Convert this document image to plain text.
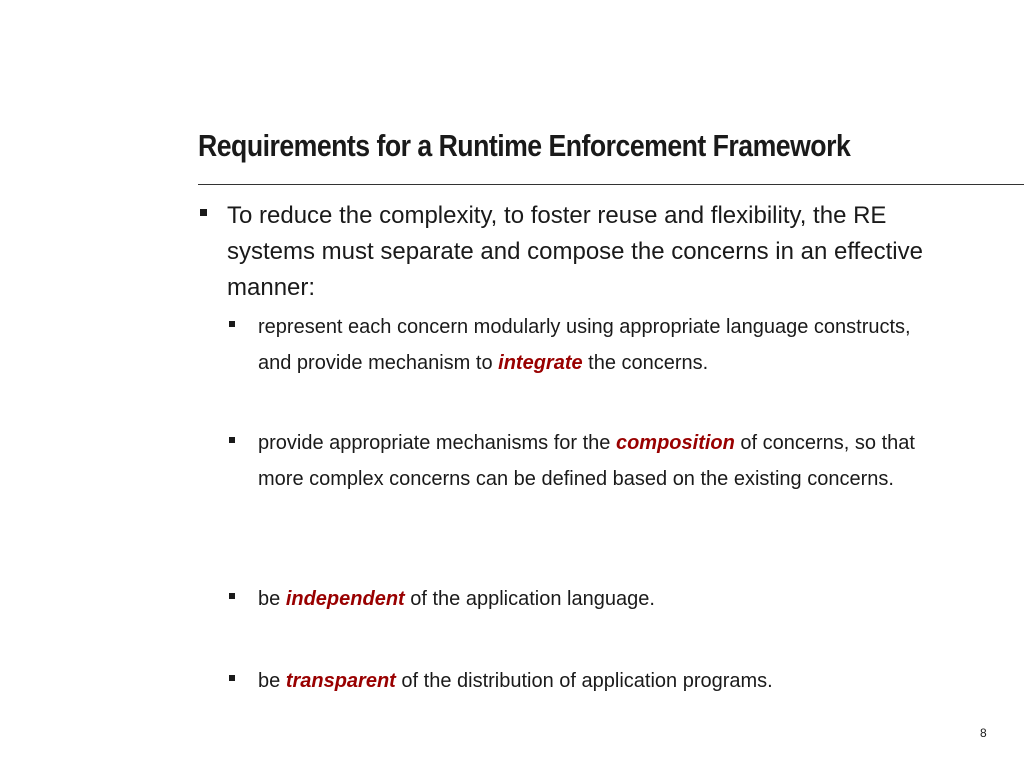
Requirements for a Runtime Enforcement Framework
To reduce the complexity, to foster reuse and flexibility, the RE systems must separate and compose the concerns in an effective manner:
represent each concern modularly using appropriate language constructs, and provide mechanism to integrate the concerns.
provide appropriate mechanisms for the composition of concerns, so that more complex concerns can be defined based on the existing concerns.
be independent of the application language.
be transparent of the distribution of application programs.
8
